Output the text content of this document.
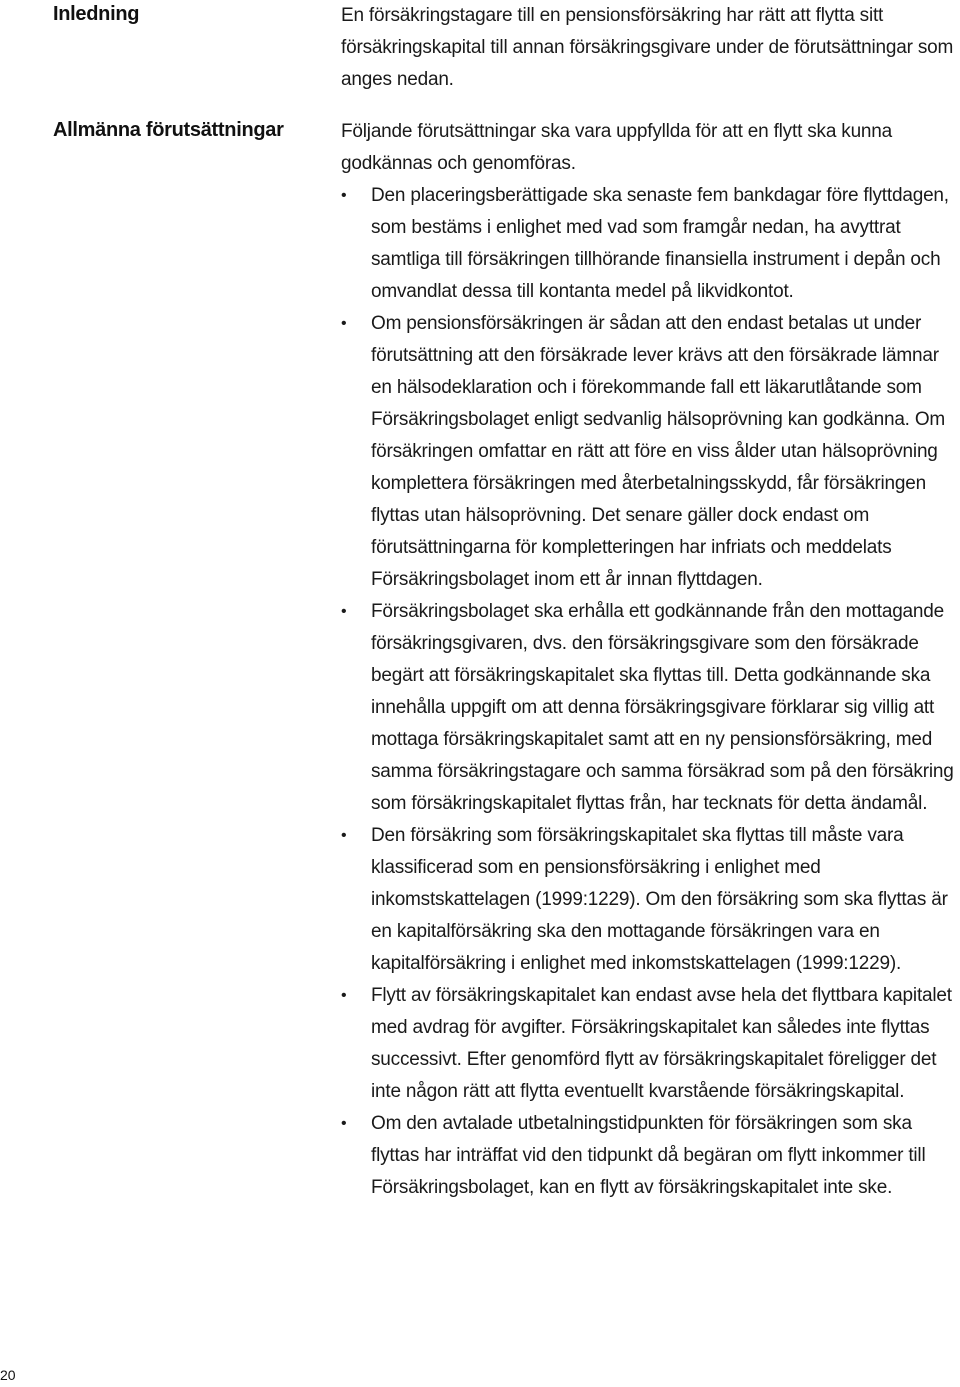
Inledning	En försäkringstagare till en pensionsförsäkring har rätt att flytta sitt försäkringskapital till annan försäkringsgivare under de förutsättningar som anges nedan.

Allmänna förutsättningar	Följande förutsättningar ska vara uppfyllda för att en flytt ska kunna godkännas och genomföras.

•	Den placeringsberättigade ska senaste fem bankdagar före flyttdagen, som bestäms i enlighet med vad som framgår nedan, ha avyttrat samtliga till försäkringen tillhörande finansiella instrument i depån och omvandlat dessa till kontanta medel på likvidkontot.
•	Om pensionsförsäkringen är sådan att den endast betalas ut under förutsättning att den försäkrade lever krävs att den försäkrade lämnar en hälsodeklaration och i förekommande fall ett läkarutlåtande som Försäkringsbolaget enligt sedvanlig hälsoprövning kan godkänna. Om försäkringen omfattar en rätt att före en viss ålder utan hälsoprövning komplettera försäkringen med återbetalningsskydd, får försäkringen flyttas utan hälsoprövning. Det senare gäller dock endast om förutsättningarna för kompletteringen har infriats och meddelats Försäkringsbolaget inom ett år innan flyttdagen.
•	Försäkringsbolaget ska erhålla ett godkännande från den mottagande försäkringsgivaren, dvs. den försäkringsgivare som den försäkrade begärt att försäkringskapitalet ska flyttas till. Detta godkännande ska innehålla uppgift om att denna försäkringsgivare förklarar sig villig att mottaga försäkringskapitalet samt att en ny pensionsförsäkring, med samma försäkringstagare och samma försäkrad som på den försäkring som försäkringskapitalet flyttas från, har tecknats för detta ändamål.
•	Den försäkring som försäkringskapitalet ska flyttas till måste vara klassificerad som en pensionsförsäkring i enlighet med inkomstskattelagen (1999:1229). Om den försäkring som ska flyttas är en kapitalförsäkring ska den mottagande försäkringen vara en kapitalförsäkring i enlighet med inkomstskattelagen (1999:1229).
•	Flytt av försäkringskapitalet kan endast avse hela det flyttbara kapitalet med avdrag för avgifter. Försäkringskapitalet kan således inte flyttas successivt. Efter genomförd flytt av försäkringskapitalet föreligger det inte någon rätt att flytta eventuellt kvarstående försäkringskapital.
•	Om den avtalade utbetalningstidpunkten för försäkringen som ska flyttas har inträffat vid den tidpunkt då begäran om flytt inkommer till Försäkringsbolaget, kan en flytt av försäkringskapitalet inte ske.
20
